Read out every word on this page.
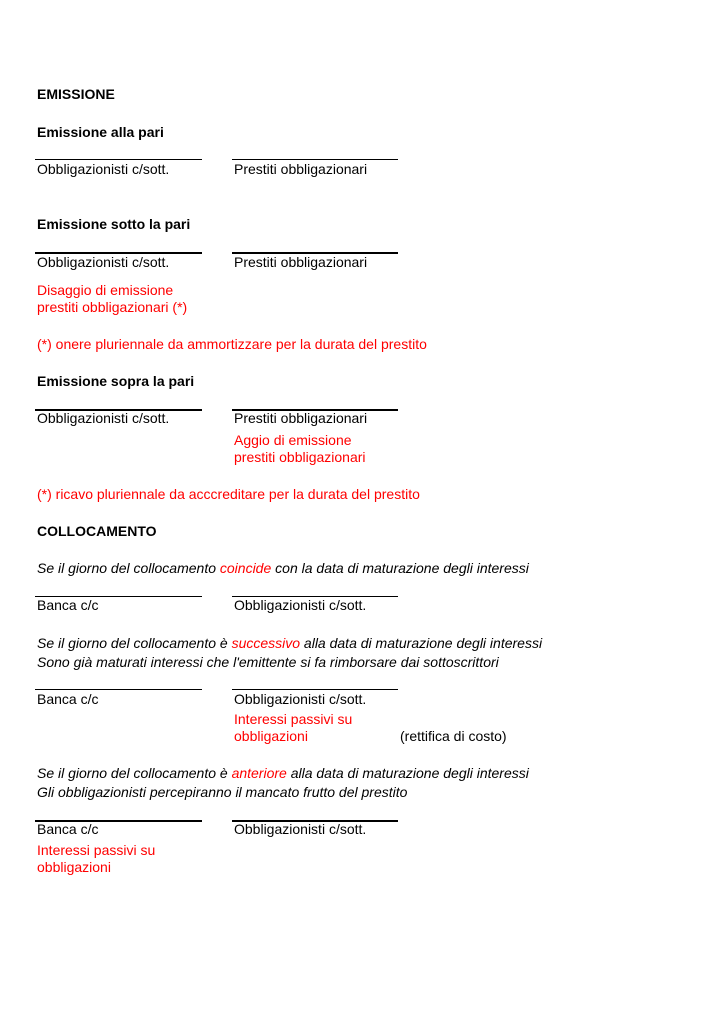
EMISSIONE
Emissione alla pari
Obbligazionisti c/sott.	Prestiti obbligazionari
Emissione sotto la pari
Obbligazionisti c/sott.	Prestiti obbligazionari
Disaggio di emissione
prestiti obbligazionari (*)
(*) onere pluriennale da ammortizzare per la durata del prestito
Emissione sopra la pari
Obbligazionisti c/sott.	Prestiti obbligazionari
Aggio di emissione
prestiti obbligazionari
(*) ricavo pluriennale da acccreditare per la durata del prestito
COLLOCAMENTO
Se il giorno del collocamento coincide con la data di maturazione degli interessi
Banca c/c	Obbligazionisti c/sott.
Se il giorno del collocamento è successivo alla data di maturazione degli interessi
Sono già maturati interessi che l'emittente si fa rimborsare dai sottoscrittori
Banca c/c	Obbligazionisti c/sott.
Interessi passivi su
obbligazioni	(rettifica di costo)
Se il giorno del collocamento è anteriore alla data di maturazione degli interessi
Gli obbligazionisti percepiranno il mancato frutto del prestito
Banca c/c	Obbligazionisti c/sott.
Interessi passivi su
obbligazioni
